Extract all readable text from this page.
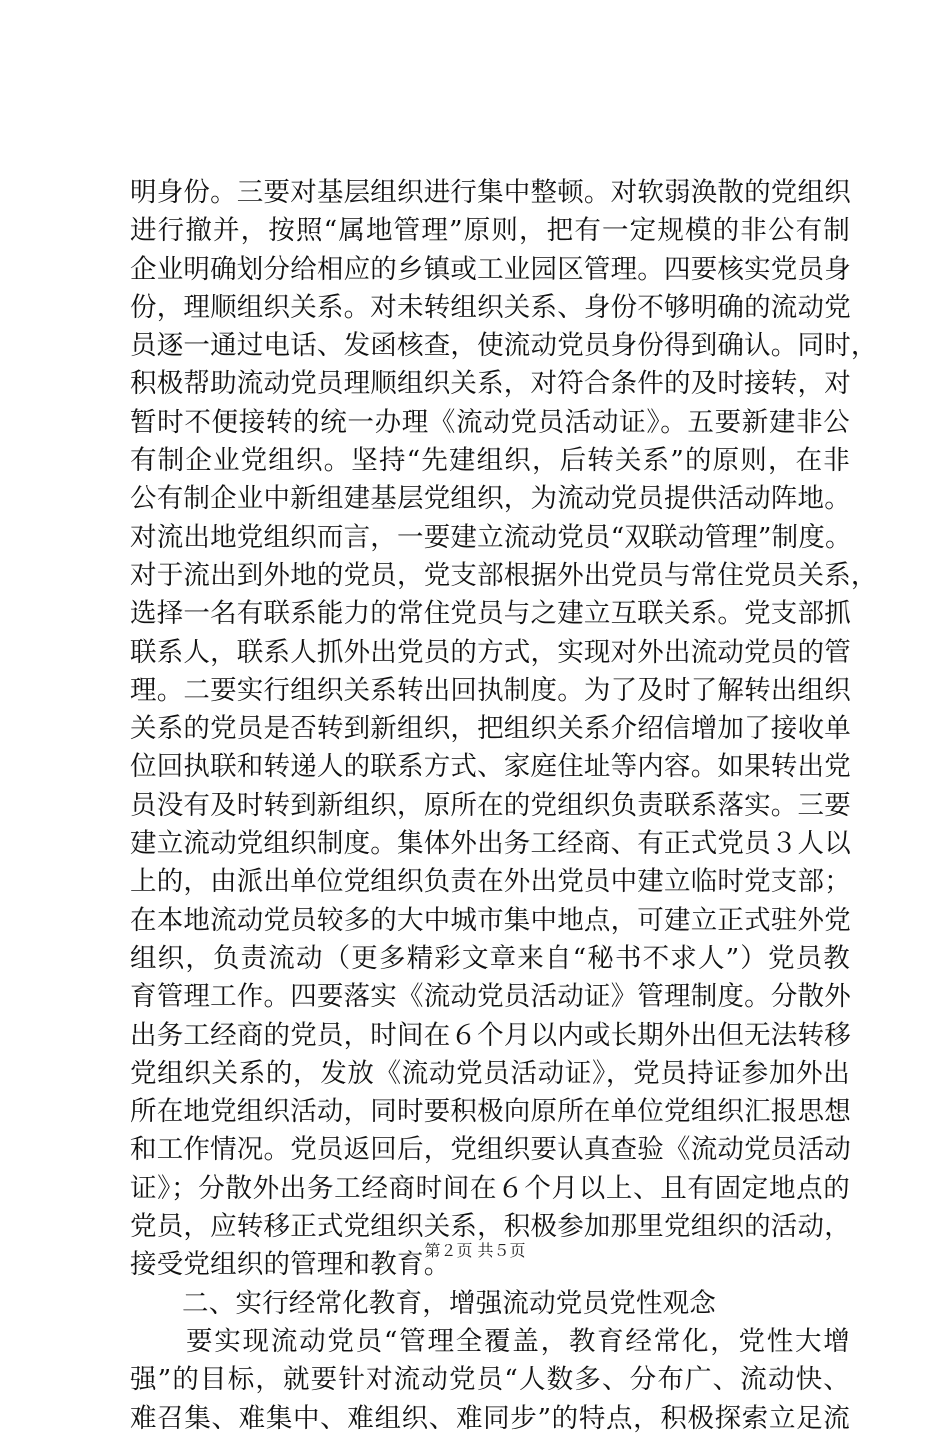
明身份。三要对基层组织进行集中整顿。对软弱涣散的党组织
进行撤并，按照“属地管理”原则，把有一定规模的非公有制
企业明确划分给相应的乡镇或工业园区管理。四要核实党员身
份，理顺组织关系。对未转组织关系、身份不够明确的流动党
员逐一通过电话、发函核查，使流动党员身份得到确认。同时，
积极帮助流动党员理顺组织关系，对符合条件的及时接转，对
暂时不便接转的统一办理《流动党员活动证》。五要新建非公
有制企业党组织。坚持“先建组织，后转关系”的原则，在非
公有制企业中新组建基层党组织，为流动党员提供活动阵地。
对流出地党组织而言，一要建立流动党员“双联动管理”制度。
对于流出到外地的党员，党支部根据外出党员与常住党员关系，
选择一名有联系能力的常住党员与之建立互联关系。党支部抓
联系人，联系人抓外出党员的方式，实现对外出流动党员的管
理。二要实行组织关系转出回执制度。为了及时了解转出组织
关系的党员是否转到新组织，把组织关系介绍信增加了接收单
位回执联和转递人的联系方式、家庭住址等内容。如果转出党
员没有及时转到新组织，原所在的党组织负责联系落实。三要
建立流动党组织制度。集体外出务工经商、有正式党员３人以
上的，由派出单位党组织负责在外出党员中建立临时党支部；
在本地流动党员较多的大中城市集中地点，可建立正式驻外党
组织，负责流动（更多精彩文章来自“秘书不求人”）党员教
育管理工作。四要落实《流动党员活动证》管理制度。分散外
出务工经商的党员，时间在６个月以内或长期外出但无法转移
党组织关系的，发放《流动党员活动证》，党员持证参加外出
所在地党组织活动，同时要积极向原所在单位党组织汇报思想
和工作情况。党员返回后，党组织要认真查验《流动党员活动
证》；分散外出务工经商时间在６个月以上、且有固定地点的
党员，应转移正式党组织关系，积极参加那里党组织的活动，
接受党组织的管理和教育。
二、实行经常化教育，增强流动党员党性观念
要实现流动党员“管理全覆盖，教育经常化，党性大增
强”的目标，就要针对流动党员“人数多、分布广、流动快、
难召集、难集中、难组织、难同步”的特点，积极探索立足流
第２页 共５页
